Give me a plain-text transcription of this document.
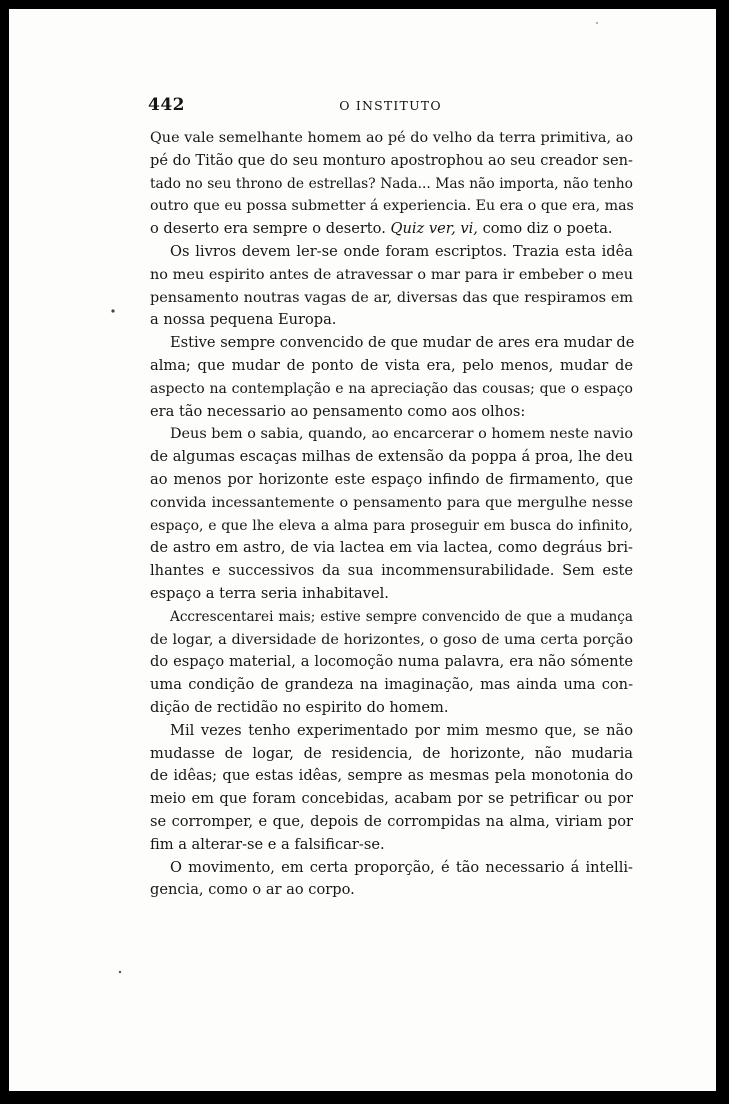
442	O INSTITUTO
Que vale semelhante homem ao pé do velho da terra primitiva, ao
pé do Titão que do seu monturo apostrophou ao seu creador sen-
tado no seu throno de estrellas? Nada... Mas não importa, não tenho
outro que eu possa submetter á experiencia. Eu era o que era, mas
o deserto era sempre o deserto. Quiz ver, vi, como diz o poeta.
Os livros devem ler-se onde foram escriptos. Trazia esta idêa
no meu espirito antes de atravessar o mar para ir embeber o meu
pensamento noutras vagas de ar, diversas das que respiramos em
a nossa pequena Europa.
Estive sempre convencido de que mudar de ares era mudar de
alma; que mudar de ponto de vista era, pelo menos, mudar de
aspecto na contemplação e na apreciação das cousas; que o espaço
era tão necessario ao pensamento como aos olhos:
Deus bem o sabia, quando, ao encarcerar o homem neste navio
de algumas escaças milhas de extensão da poppa á proa, lhe deu
ao menos por horizonte este espaço infindo de firmamento, que
convida incessantemente o pensamento para que mergulhe nesse
espaço, e que lhe eleva a alma para proseguir em busca do infinito,
de astro em astro, de via lactea em via lactea, como degráus bri-
lhantes e successivos da sua incommensurabilidade. Sem este
espaço a terra seria inhabitavel.
Accrescentarei mais; estive sempre convencido de que a mudança
de logar, a diversidade de horizontes, o goso de uma certa porção
do espaço material, a locomoção numa palavra, era não sómente
uma condição de grandeza na imaginação, mas ainda uma con-
dição de rectidão no espirito do homem.
Mil vezes tenho experimentado por mim mesmo que, se não
mudasse de logar, de residencia, de horizonte, não mudaria
de idêas; que estas idêas, sempre as mesmas pela monotonia do
meio em que foram concebidas, acabam por se petrificar ou por
se corromper, e que, depois de corrompidas na alma, viriam por
fim a alterar-se e a falsificar-se.
O movimento, em certa proporção, é tão necessario á intelli-
gencia, como o ar ao corpo.
